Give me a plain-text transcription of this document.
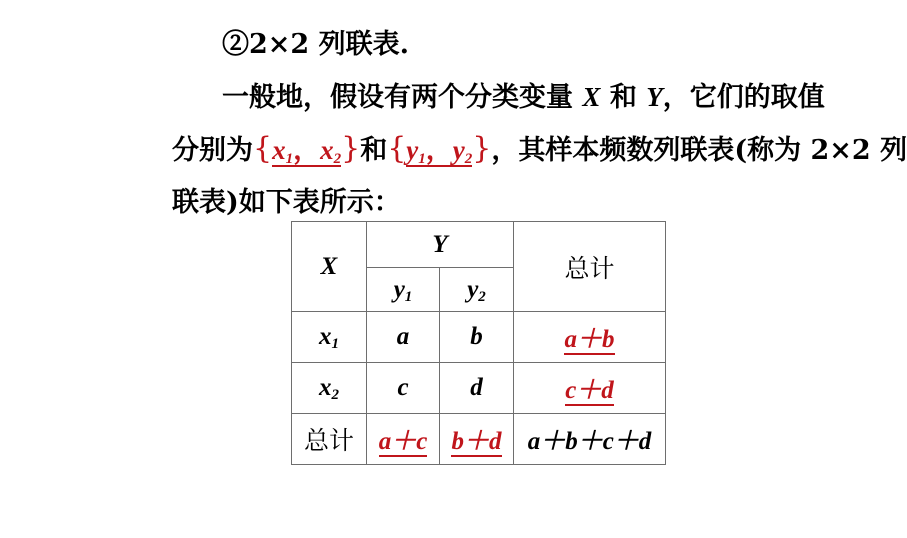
②2×2 列联表.
一般地，假设有两个分类变量 X 和 Y，它们的取值
分别为{$x_1$，$x_2$}和{$y_1$，$y_2$}，其样本频数列联表(称为 2×2 列
联表)如下表所示：
X	Y		总计
	$y_1$	$y_2$
$x_1$	a	b	a＋b
$x_2$	c	d	c＋d
总计	a＋c	b＋d	a＋b＋c＋d
